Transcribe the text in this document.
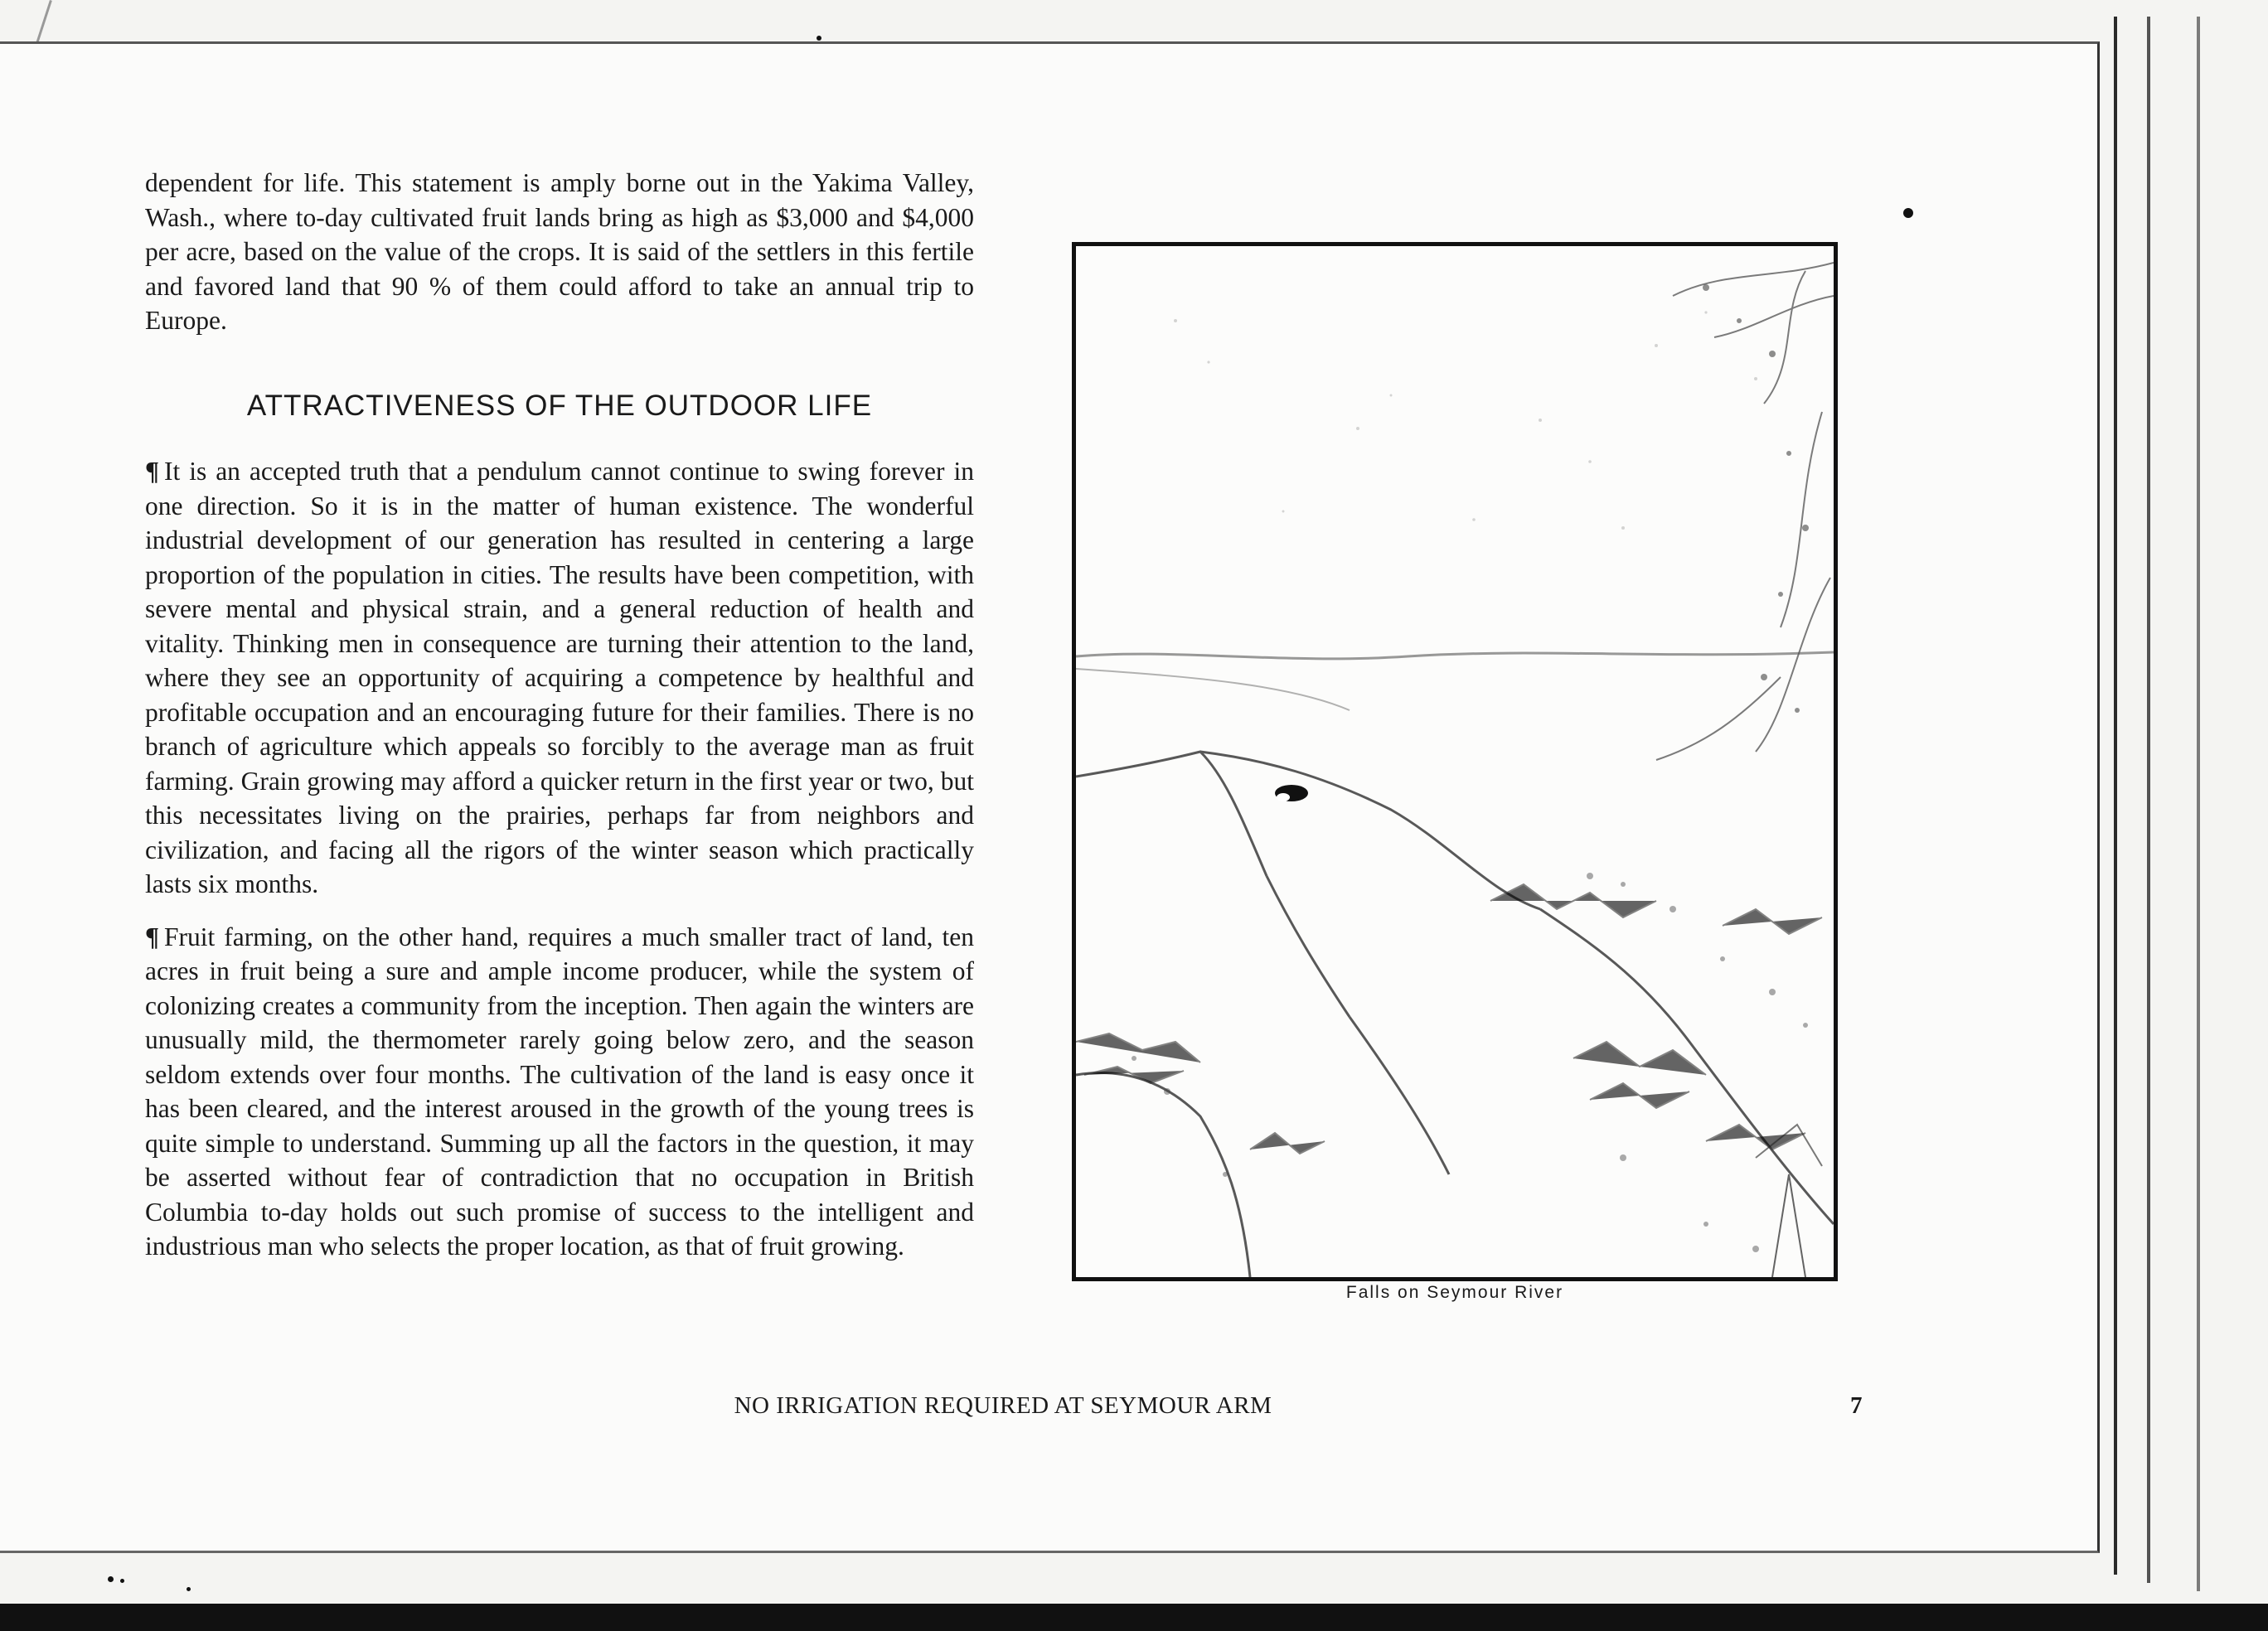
dependent for life. This statement is amply borne out in the Yakima Valley, Wash., where to-day cultivated fruit lands bring as high as $3,000 and $4,000 per acre, based on the value of the crops. It is said of the settlers in this fertile and favored land that 90 % of them could afford to take an annual trip to Europe.

ATTRACTIVENESS OF THE OUTDOOR LIFE

¶ It is an accepted truth that a pendulum cannot continue to swing forever in one direction. So it is in the matter of human existence. The wonderful industrial development of our generation has resulted in centering a large proportion of the population in cities. The results have been competition, with severe mental and physical strain, and a general reduction of health and vitality. Thinking men in consequence are turning their attention to the land, where they see an opportunity of acquiring a competence by healthful and profitable occupation and an encouraging future for their families. There is no branch of agriculture which appeals so forcibly to the average man as fruit farming. Grain growing may afford a quicker return in the first year or two, but this necessitates living on the prairies, perhaps far from neighbors and civilization, and facing all the rigors of the winter season which practically lasts six months.

¶ Fruit farming, on the other hand, requires a much smaller tract of land, ten acres in fruit being a sure and ample income producer, while the system of colonizing creates a community from the inception. Then again the winters are unusually mild, the thermometer rarely going below zero, and the season seldom extends over four months. The cultivation of the land is easy once it has been cleared, and the interest aroused in the growth of the young trees is quite simple to understand. Summing up all the factors in the question, it may be asserted without fear of contradiction that no occupation in British Columbia to-day holds out such promise of success to the intelligent and industrious man who selects the proper location, as that of fruit growing.

Falls on Seymour River
NO IRRIGATION REQUIRED AT SEYMOUR ARM	7
